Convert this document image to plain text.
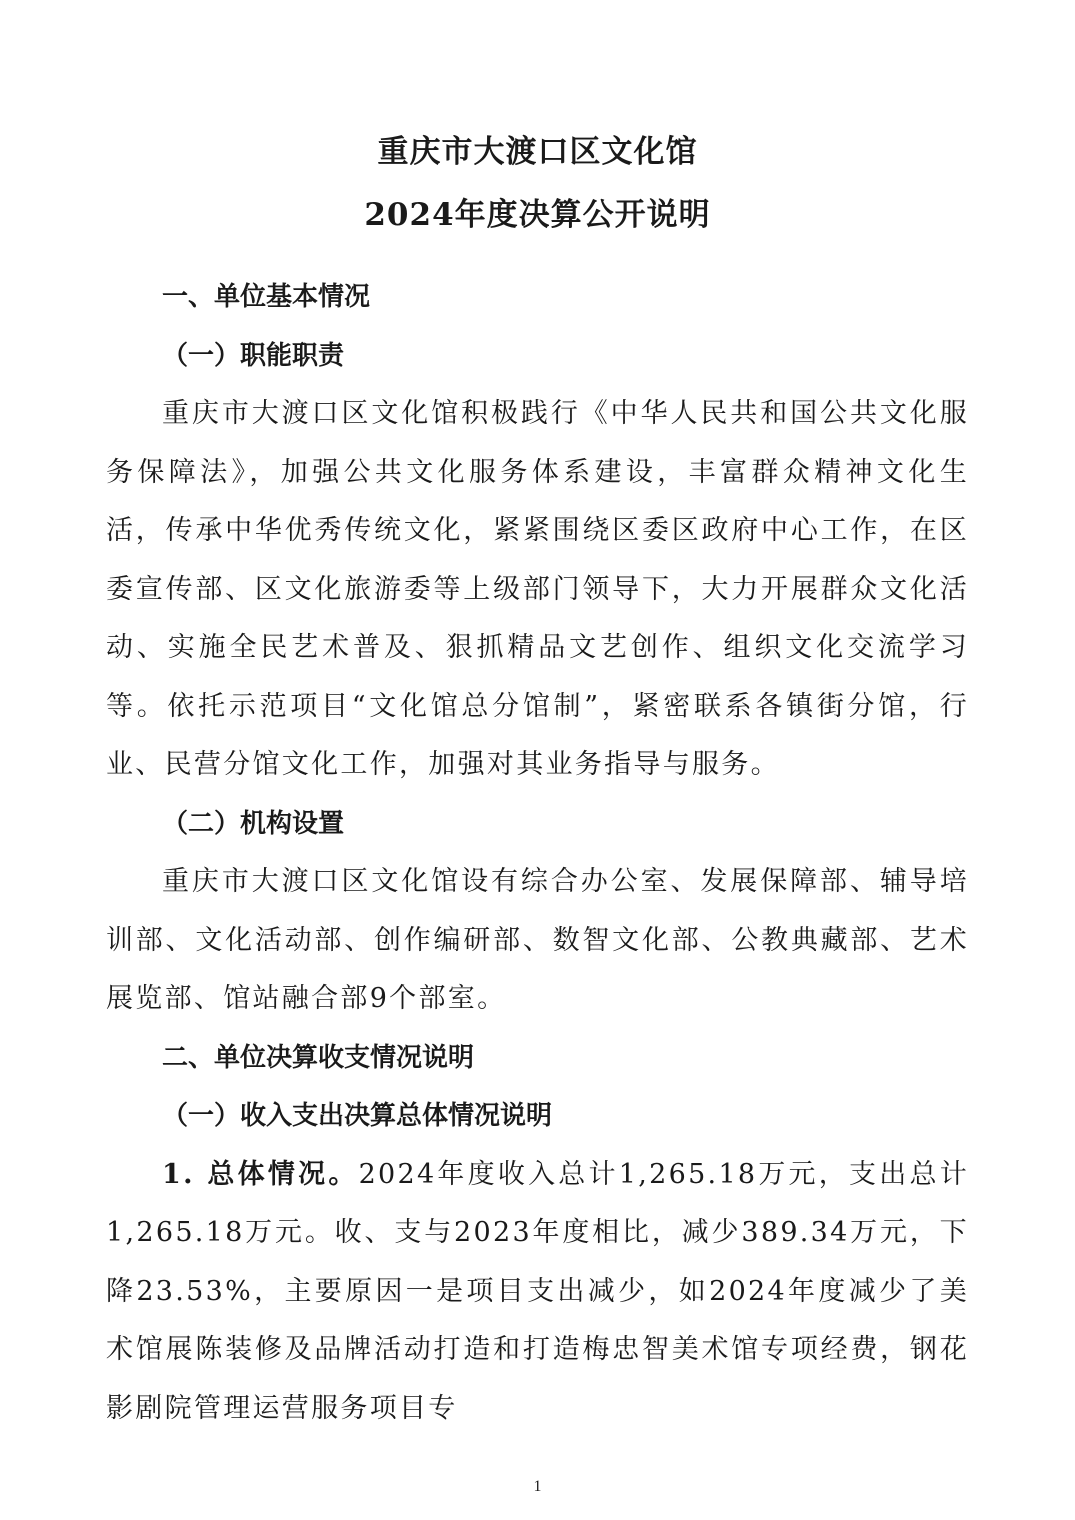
重庆市大渡口区文化馆
2024年度决算公开说明
一、单位基本情况
（一）职能职责

重庆市大渡口区文化馆积极践行《中华人民共和国公共文化服务保障法》，加强公共文化服务体系建设，丰富群众精神文化生活，传承中华优秀传统文化，紧紧围绕区委区政府中心工作，在区委宣传部、区文化旅游委等上级部门领导下，大力开展群众文化活动、实施全民艺术普及、狠抓精品文艺创作、组织文化交流学习等。依托示范项目“文化馆总分馆制”，紧密联系各镇街分馆，行业、民营分馆文化工作，加强对其业务指导与服务。

（二）机构设置

重庆市大渡口区文化馆设有综合办公室、发展保障部、辅导培训部、文化活动部、创作编研部、数智文化部、公教典藏部、艺术展览部、馆站融合部9个部室。

二、单位决算收支情况说明
（一）收入支出决算总体情况说明

1. 总体情况。2024年度收入总计1,265.18万元，支出总计1,265.18万元。收、支与2023年度相比，减少389.34万元，下降23.53%，主要原因一是项目支出减少，如2024年度减少了美术馆展陈装修及品牌活动打造和打造梅忠智美术馆专项经费，钢花影剧院管理运营服务项目专

1
